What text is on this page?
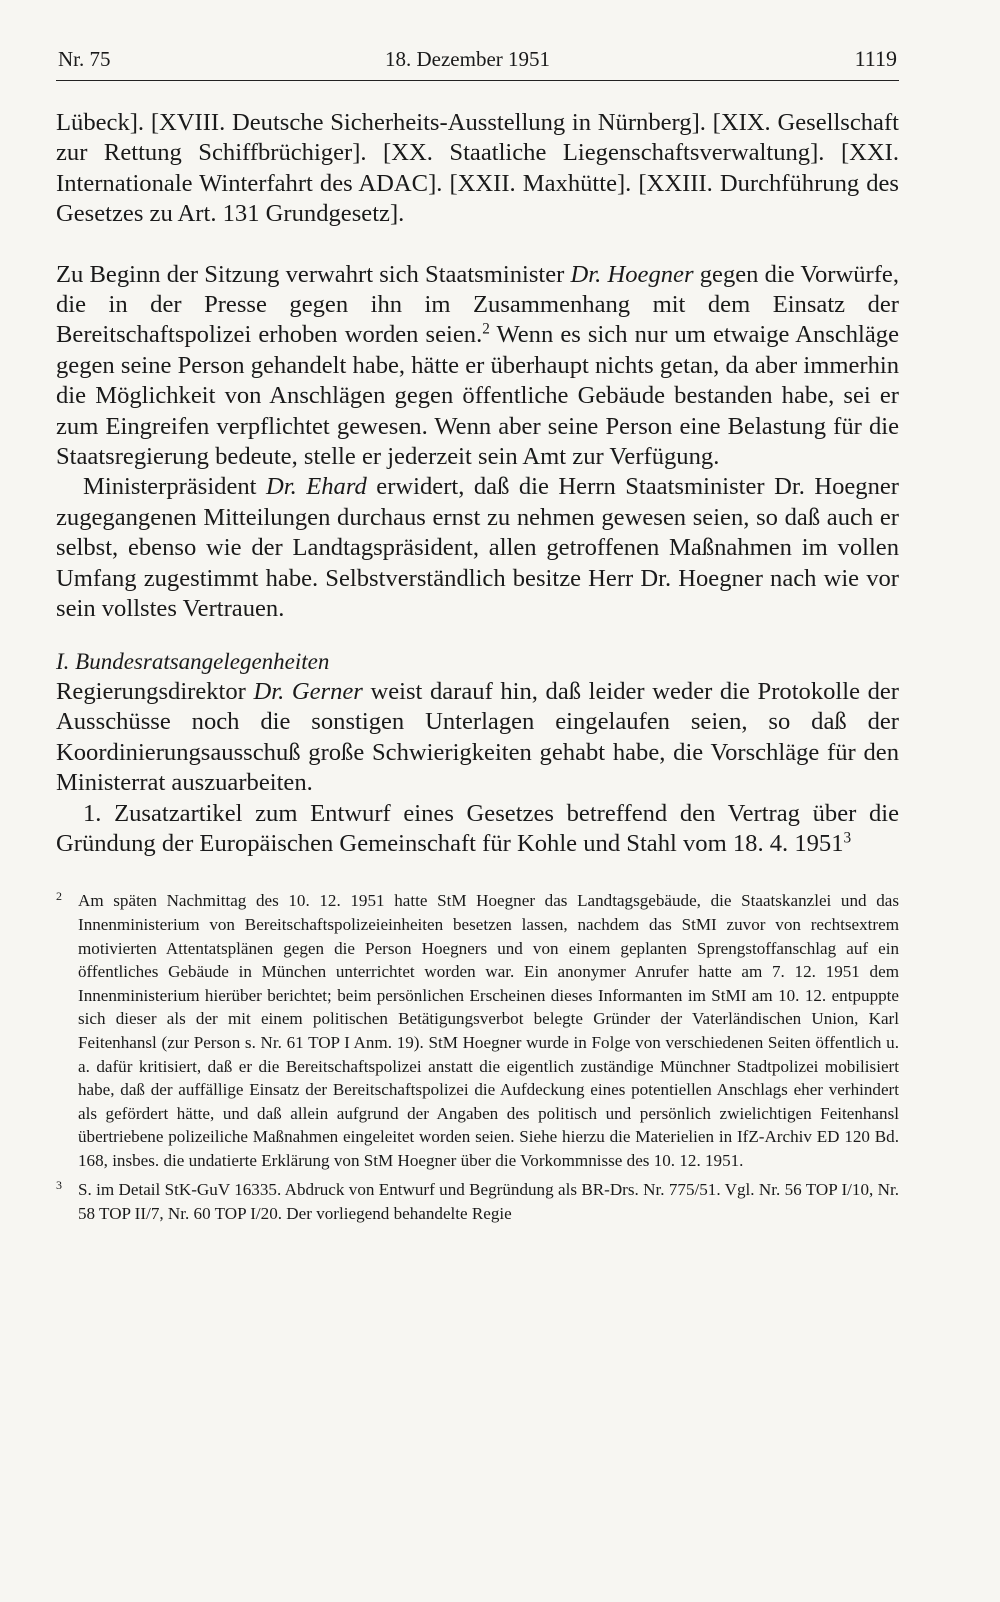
Nr. 75	18. Dezember 1951	1119

Lübeck]. [XVIII. Deutsche Sicherheits-Ausstellung in Nürnberg]. [XIX. Gesellschaft zur Rettung Schiffbrüchiger]. [XX. Staatliche Liegenschaftsverwaltung]. [XXI. Internationale Winterfahrt des ADAC]. [XXII. Maxhütte]. [XXIII. Durchführung des Gesetzes zu Art. 131 Grundgesetz].

Zu Beginn der Sitzung verwahrt sich Staatsminister Dr. Hoegner gegen die Vorwürfe, die in der Presse gegen ihn im Zusammenhang mit dem Einsatz der Bereitschaftspolizei erhoben worden seien.$^2$ Wenn es sich nur um etwaige Anschläge gegen seine Person gehandelt habe, hätte er überhaupt nichts getan, da aber immerhin die Möglichkeit von Anschlägen gegen öffentliche Gebäude bestanden habe, sei er zum Eingreifen verpflichtet gewesen. Wenn aber seine Person eine Belastung für die Staatsregierung bedeute, stelle er jederzeit sein Amt zur Verfügung.

Ministerpräsident Dr. Ehard erwidert, daß die Herrn Staatsminister Dr. Hoegner zugegangenen Mitteilungen durchaus ernst zu nehmen gewesen seien, so daß auch er selbst, ebenso wie der Landtagspräsident, allen getroffenen Maßnahmen im vollen Umfang zugestimmt habe. Selbstverständlich besitze Herr Dr. Hoegner nach wie vor sein vollstes Vertrauen.

I. Bundesratsangelegenheiten

Regierungsdirektor Dr. Gerner weist darauf hin, daß leider weder die Protokolle der Ausschüsse noch die sonstigen Unterlagen eingelaufen seien, so daß der Koordinierungsausschuß große Schwierigkeiten gehabt habe, die Vorschläge für den Ministerrat auszuarbeiten.

1. Zusatzartikel zum Entwurf eines Gesetzes betreffend den Vertrag über die Gründung der Europäischen Gemeinschaft für Kohle und Stahl vom 18. 4. 1951$^3$

2 Am späten Nachmittag des 10. 12. 1951 hatte StM Hoegner das Landtagsgebäude, die Staatskanzlei und das Innenministerium von Bereitschaftspolizeieinheiten besetzen lassen, nachdem das StMI zuvor von rechtsextrem motivierten Attentatsplänen gegen die Person Hoegners und von einem geplanten Sprengstoffanschlag auf ein öffentliches Gebäude in München unterrichtet worden war. Ein anonymer Anrufer hatte am 7. 12. 1951 dem Innenministerium hierüber berichtet; beim persönlichen Erscheinen dieses Informanten im StMI am 10. 12. entpuppte sich dieser als der mit einem politischen Betätigungsverbot belegte Gründer der Vaterländischen Union, Karl Feitenhansl (zur Person s. Nr. 61 TOP I Anm. 19). StM Hoegner wurde in Folge von verschiedenen Seiten öffentlich u. a. dafür kritisiert, daß er die Bereitschaftspolizei anstatt die eigentlich zuständige Münchner Stadtpolizei mobilisiert habe, daß der auffällige Einsatz der Bereitschaftspolizei die Aufdeckung eines potentiellen Anschlags eher verhindert als gefördert hätte, und daß allein aufgrund der Angaben des politisch und persönlich zwielichtigen Feitenhansl übertriebene polizeiliche Maßnahmen eingeleitet worden seien. Siehe hierzu die Materielien in IfZ-Archiv ED 120 Bd. 168, insbes. die undatierte Erklärung von StM Hoegner über die Vorkommnisse des 10. 12. 1951.
3 S. im Detail StK-GuV 16335. Abdruck von Entwurf und Begründung als BR-Drs. Nr. 775/51. Vgl. Nr. 56 TOP I/10, Nr. 58 TOP II/7, Nr. 60 TOP I/20. Der vorliegend behandelte Regie
